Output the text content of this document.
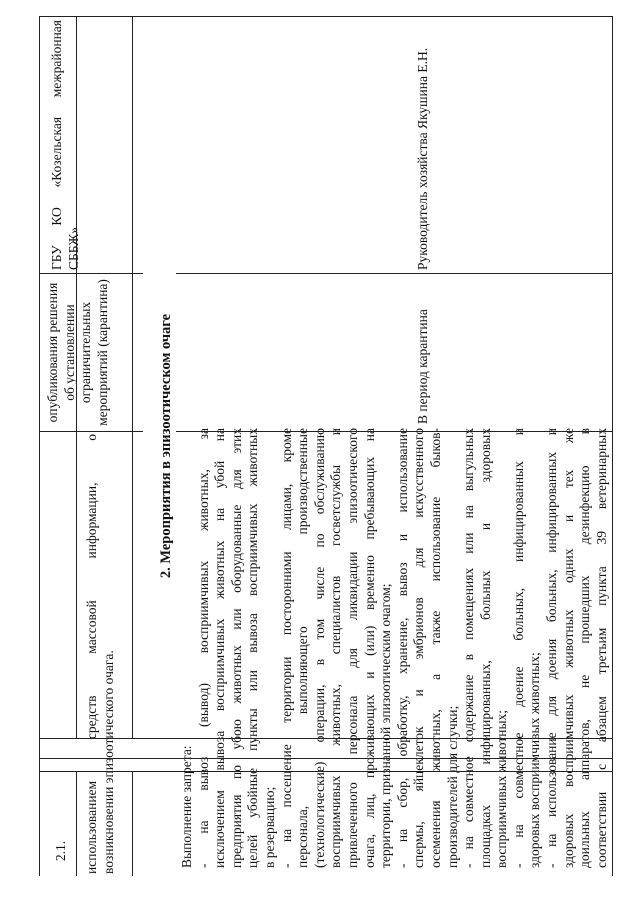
использованием средств массовой информации, о возникновении эпизоотического очага.
опубликования решения об установлении ограничительных мероприятий (карантина)
ГБУ КО «Козельская межрайонная СББЖ»
2. Мероприятия в эпизоотическом очаге
2.1.	Выполнение запрета: - на вывоз (вывод) восприимчивых животных, за исключением вывоза восприимчивых животных на убой на предприятия по убою животных или оборудованные для этих целей убойные пункты или вывоза восприимчивых животных в резервацию; - на посещение территории посторонними лицами, кроме персонала, выполняющего производственные (технологические) операции, в том числе по обслуживанию восприимчивых животных, специалистов госветслужбы и привлеченного персонала для ликвидации эпизоотического очага, лиц, проживающих и (или) временно пребывающих на территории, признанной эпизоотическим очагом; - на сбор, обработку, хранение, вывоз и использование спермы, яйцеклеток и эмбрионов для искусственного осеменения животных, а также использование быков- производителей для случки; - на совместное содержание в помещениях или на выгульных площадках инфицированных, больных и здоровых восприимчивых животных; - на совместное доение больных, инфицированных и здоровых восприимчивых животных; - на использование для доения больных, инфицированных и здоровых восприимчивых животных одних и тех же доильных аппаратов, не прошедших дезинфекцию в соответствии с абзацем третьим пункта 39 ветеринарных
В период карантина
Руководитель хозяйства Якушина Е.Н.
